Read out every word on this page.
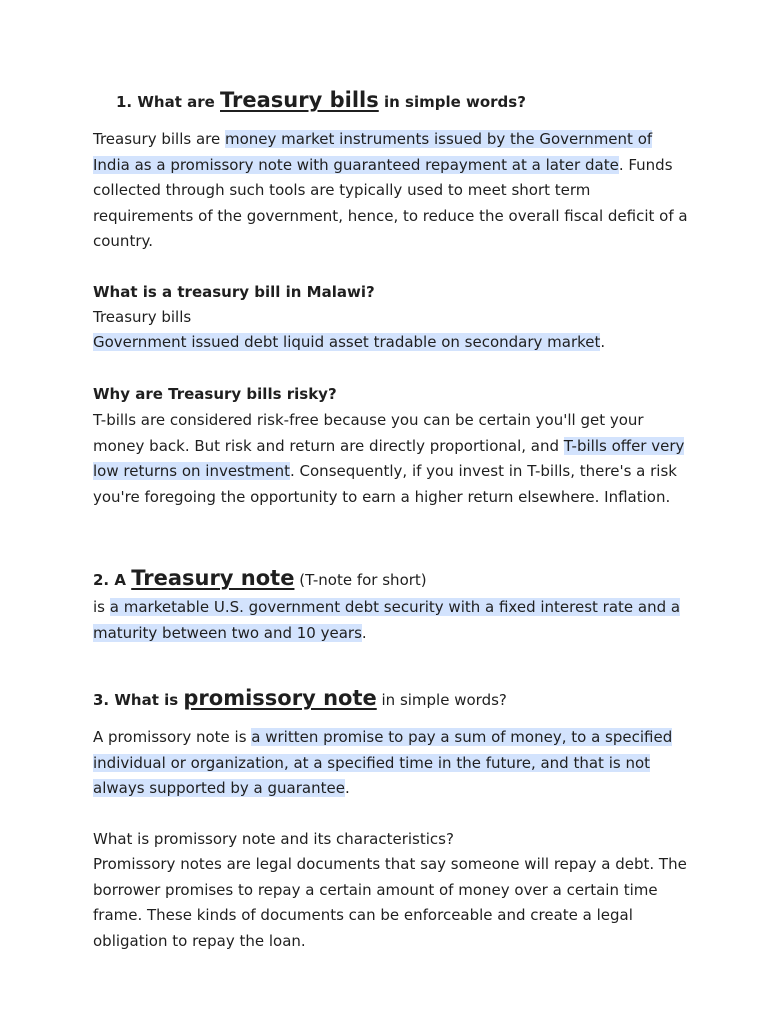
1. What are Treasury bills in simple words?
Treasury bills are money market instruments issued by the Government of India as a promissory note with guaranteed repayment at a later date. Funds collected through such tools are typically used to meet short term requirements of the government, hence, to reduce the overall fiscal deficit of a country.
What is a treasury bill in Malawi?
Treasury bills
Government issued debt liquid asset tradable on secondary market.
Why are Treasury bills risky?
T-bills are considered risk-free because you can be certain you'll get your money back. But risk and return are directly proportional, and T-bills offer very low returns on investment. Consequently, if you invest in T-bills, there's a risk you're foregoing the opportunity to earn a higher return elsewhere. Inflation.
2. A Treasury note (T-note for short)
is a marketable U.S. government debt security with a fixed interest rate and a maturity between two and 10 years.
3. What is promissory note in simple words?
A promissory note is a written promise to pay a sum of money, to a specified individual or organization, at a specified time in the future, and that is not always supported by a guarantee.
What is promissory note and its characteristics?
Promissory notes are legal documents that say someone will repay a debt. The borrower promises to repay a certain amount of money over a certain time frame. These kinds of documents can be enforceable and create a legal obligation to repay the loan.
